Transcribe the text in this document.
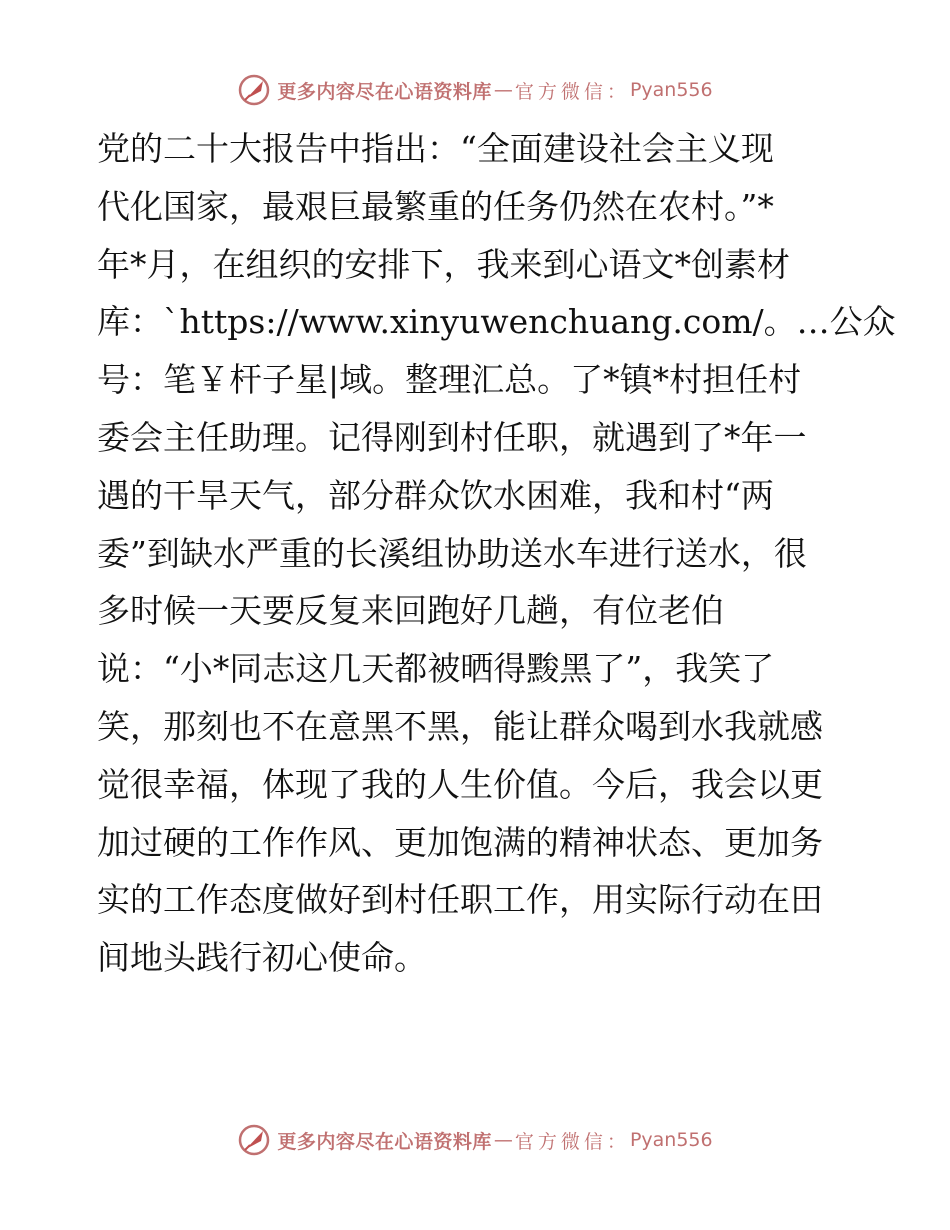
更多内容尽在心语资料库 — 官方微信： Pyan556
党的二十大报告中指出：“全面建设社会主义现
代化国家，最艰巨最繁重的任务仍然在农村。”*
年*月，在组织的安排下，我来到心语文*创素材
库：`https://www.xinyuwenchuang.com/。…公众
号：笔￥杆子星|域。整理汇总。了*镇*村担任村
委会主任助理。记得刚到村任职，就遇到了*年一
遇的干旱天气，部分群众饮水困难，我和村“两
委”到缺水严重的长溪组协助送水车进行送水，很
多时候一天要反复来回跑好几趟，有位老伯
说：“小*同志这几天都被晒得黢黑了”，我笑了
笑，那刻也不在意黑不黑，能让群众喝到水我就感
觉很幸福，体现了我的人生价值。今后，我会以更
加过硬的工作作风、更加饱满的精神状态、更加务
实的工作态度做好到村任职工作，用实际行动在田
间地头践行初心使命。
更多内容尽在心语资料库 — 官方微信： Pyan556
